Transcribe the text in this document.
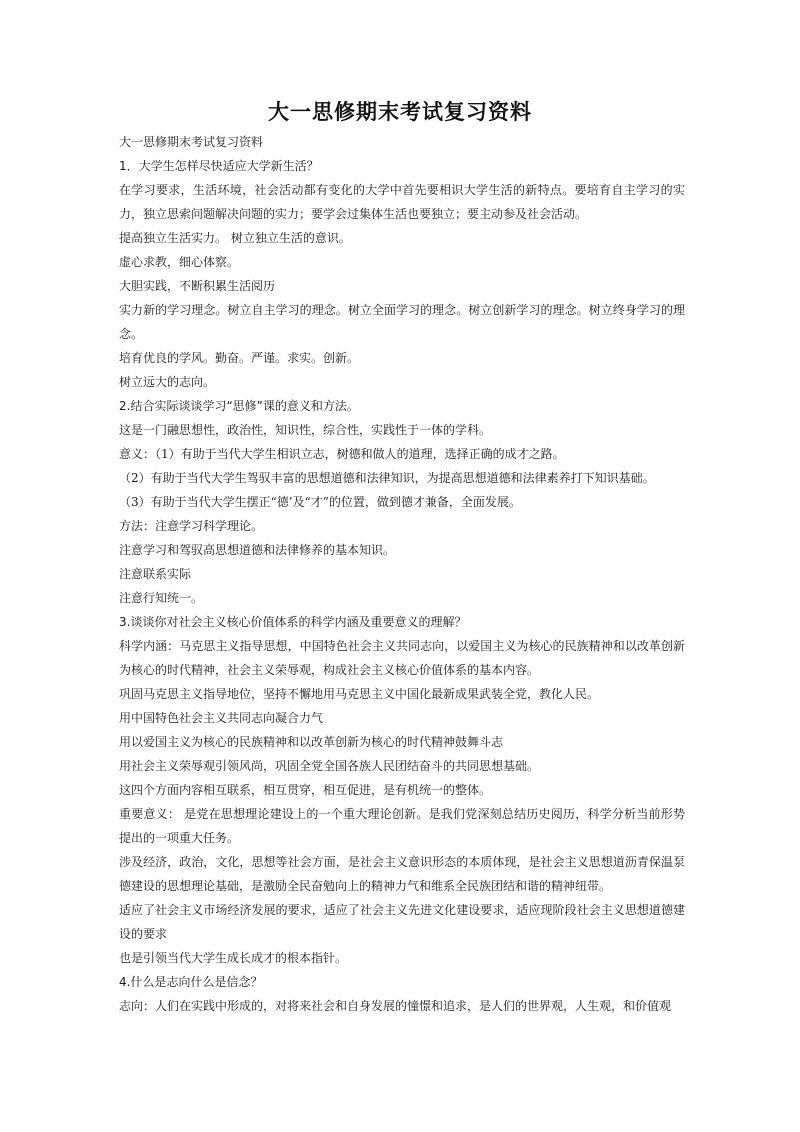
大一思修期末考试复习资料

大一思修期末考试复习资料

1．大学生怎样尽快适应大学新生活？

在学习要求，生活环境，社会活动都有变化的大学中首先要相识大学生活的新特点。要培育自主学习的实力，独立思索问题解决问题的实力；要学会过集体生活也要独立；要主动参及社会活动。

提高独立生活实力。 树立独立生活的意识。

虚心求教，细心体察。

大胆实践，不断积累生活阅历

实力新的学习理念。树立自主学习的理念。树立全面学习的理念。树立创新学习的理念。树立终身学习的理念。

培育优良的学风。勤奋。严谨。求实。创新。

树立远大的志向。

2.结合实际谈谈学习“思修”课的意义和方法。

这是一门融思想性，政治性，知识性，综合性，实践性于一体的学科。

意义：（1）有助于当代大学生相识立志，树德和做人的道理，选择正确的成才之路。

（2）有助于当代大学生驾驭丰富的思想道德和法律知识，为提高思想道德和法律素养打下知识基础。

（3）有助于当代大学生摆正“德’及“才”的位置，做到德才兼备，全面发展。

方法：注意学习科学理论。

注意学习和驾驭高思想道德和法律修养的基本知识。

注意联系实际

注意行知统一。

3.谈谈你对社会主义核心价值体系的科学内涵及重要意义的理解？

科学内涵：马克思主义指导思想，中国特色社会主义共同志向，以爱国主义为核心的民族精神和以改革创新为核心的时代精神，社会主义荣辱观，构成社会主义核心价值体系的基本内容。

巩固马克思主义指导地位，坚持不懈地用马克思主义中国化最新成果武装全党，教化人民。

用中国特色社会主义共同志向凝合力气

用以爱国主义为核心的民族精神和以改革创新为核心的时代精神鼓舞斗志

用社会主义荣辱观引领风尚，巩固全党全国各族人民团结奋斗的共同思想基础。

这四个方面内容相互联系，相互贯穿，相互促进，是有机统一的整体。

重要意义： 是党在思想理论建设上的一个重大理论创新。是我们党深刻总结历史阅历，科学分析当前形势提出的一项重大任务。

涉及经济，政治，文化，思想等社会方面，是社会主义意识形态的本质体现，是社会主义思想道沥青保温泵德建设的思想理论基础，是激励全民奋勉向上的精神力气和维系全民族团结和谐的精神纽带。

适应了社会主义市场经济发展的要求，适应了社会主义先进文化建设要求，适应现阶段社会主义思想道德建设的要求

也是引领当代大学生成长成才的根本指针。

4.什么是志向什么是信念？

志向：人们在实践中形成的，对将来社会和自身发展的憧憬和追求，是人们的世界观，人生观，和价值观
